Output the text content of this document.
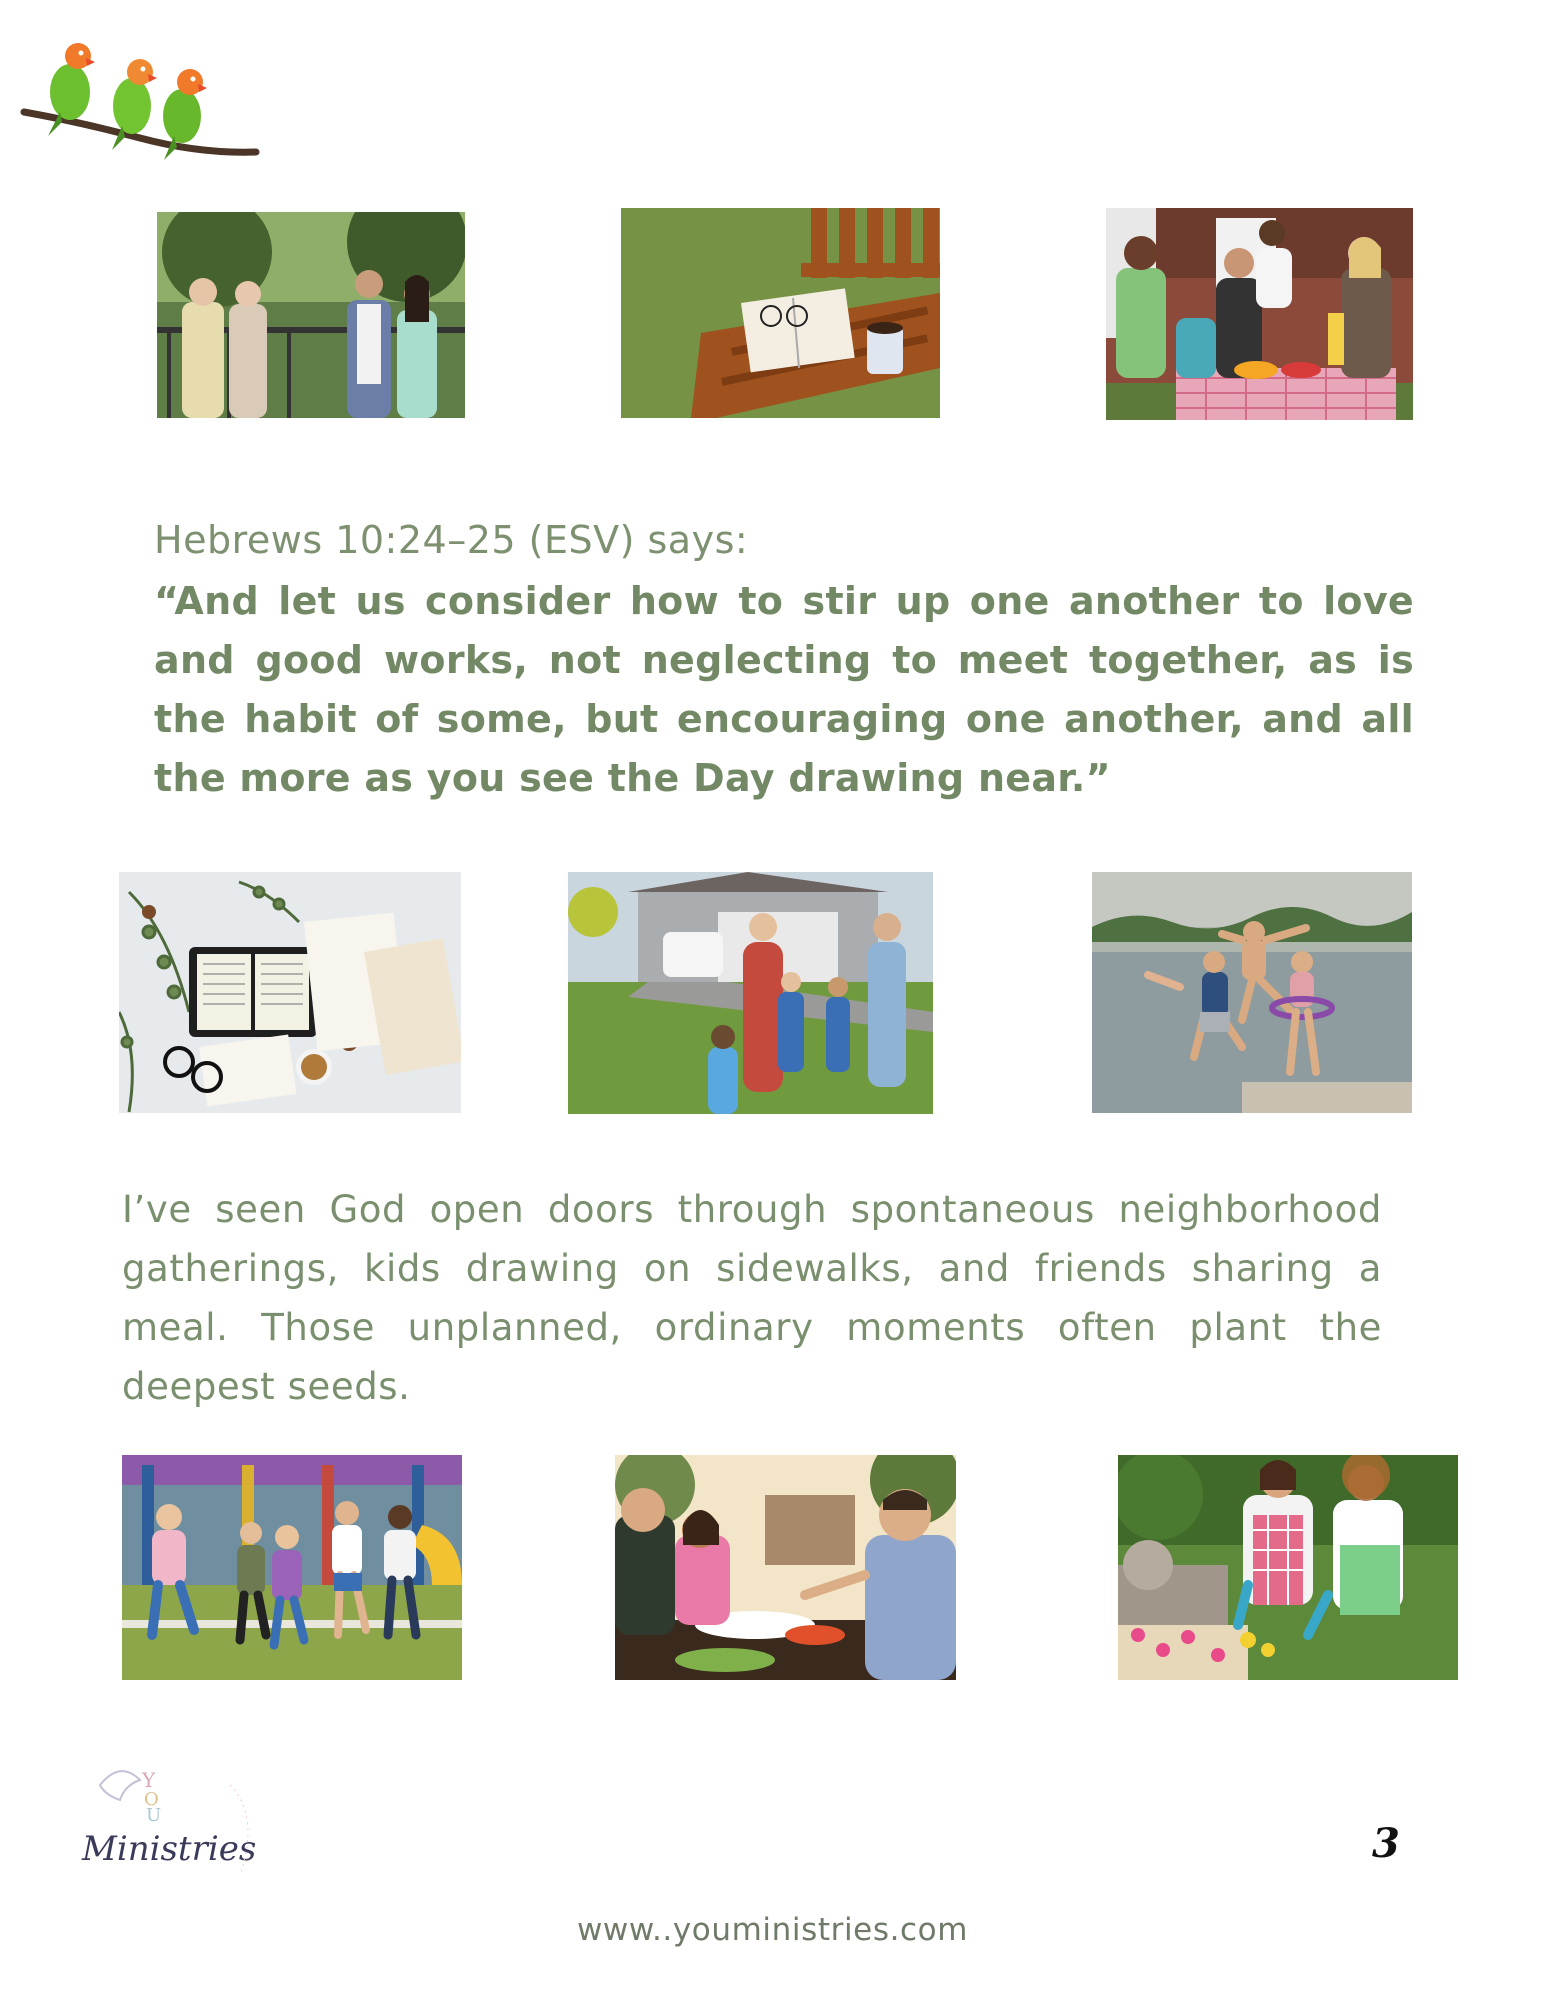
Hebrews 10:24–25 (ESV) says:
“And let us consider how to stir up one another to love and good works, not neglecting to meet together, as is the habit of some, but encouraging one another, and all the more as you see the Day drawing near.”
I’ve seen God open doors through spontaneous neighborhood gatherings, kids drawing on sidewalks, and friends sharing a meal. Those unplanned, ordinary moments often plant the deepest seeds.
Y
O
U
Ministries	3
www..youministries.com
